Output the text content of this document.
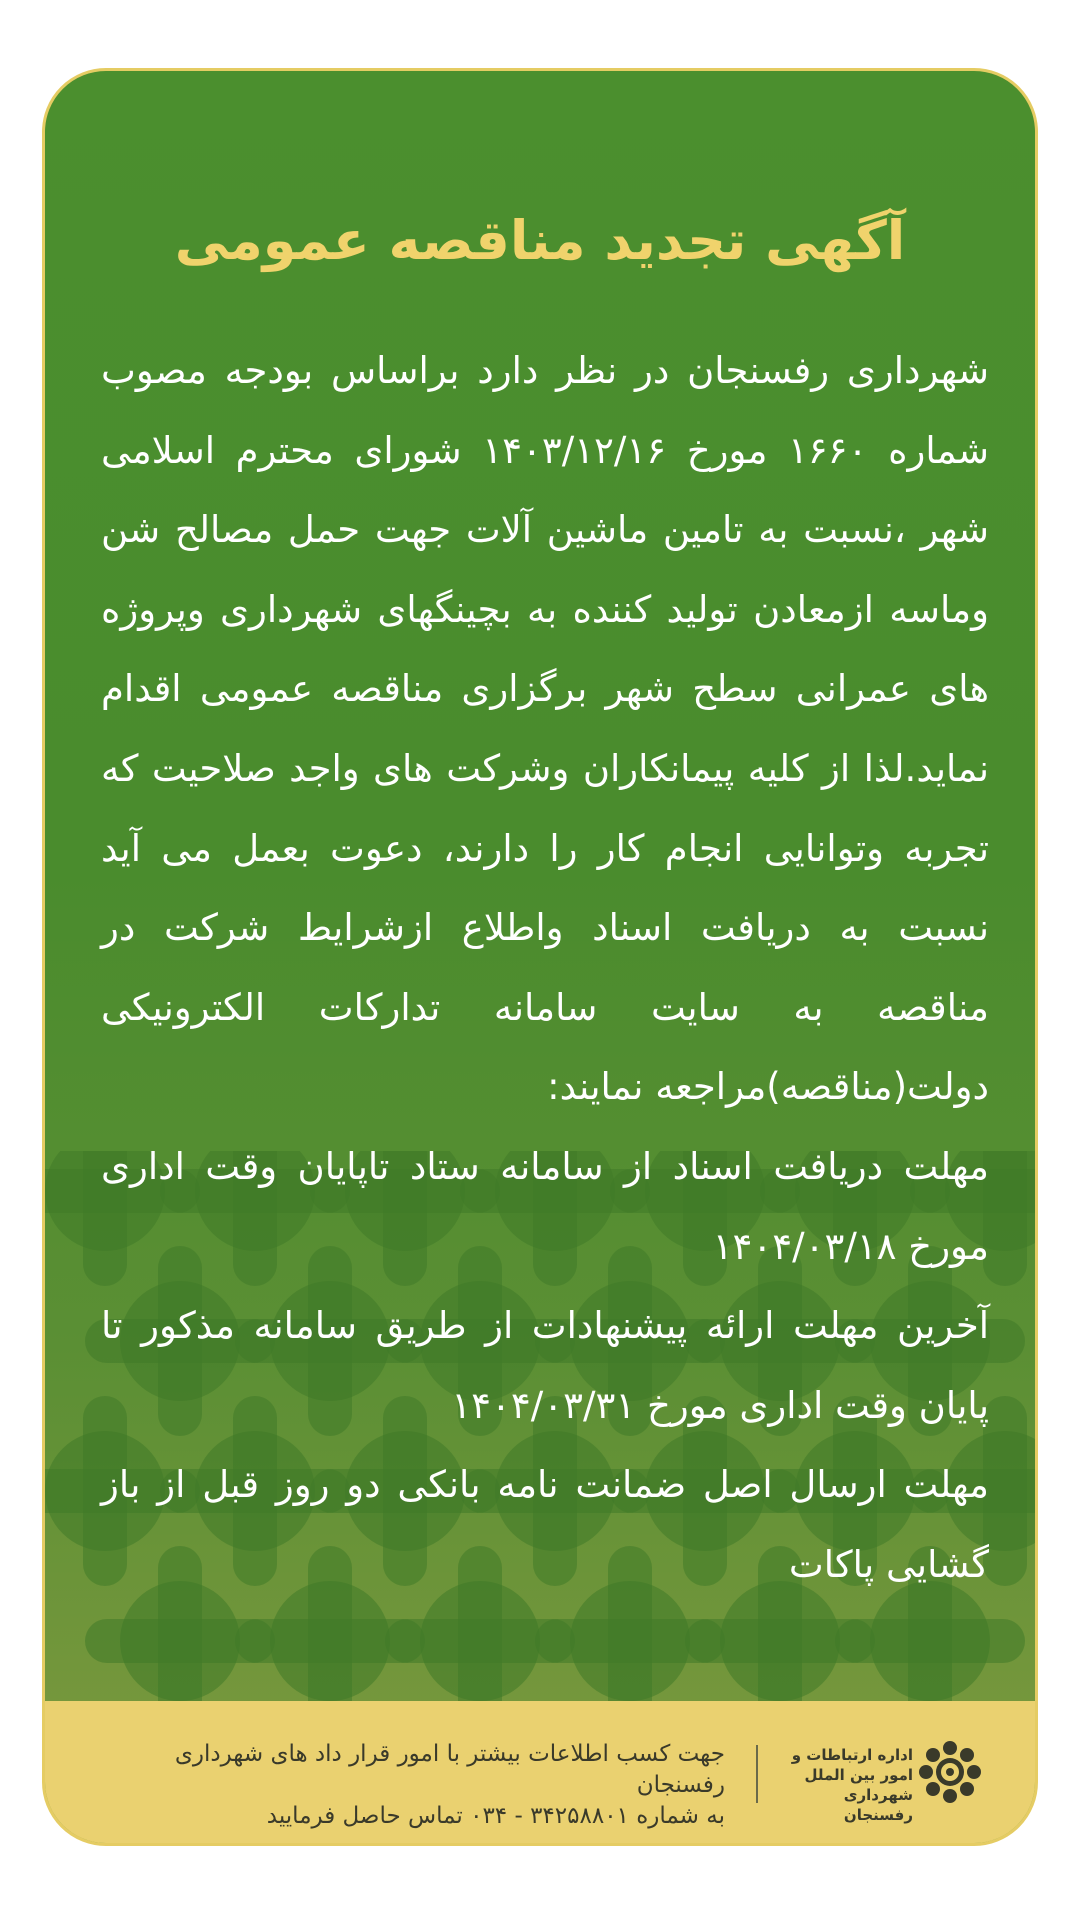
آگهی تجدید مناقصه عمومی

شهرداری رفسنجان در نظر دارد براساس بودجه مصوب شماره ۱۶۶۰ مورخ ۱۴۰۳/۱۲/۱۶ شورای محترم اسلامی شهر ،نسبت به تامین ماشین آلات جهت حمل مصالح شن وماسه ازمعادن تولید کننده به بچینگهای شهرداری وپروژه های عمرانی سطح شهر برگزاری مناقصه عمومی اقدام نماید.لذا از کلیه پیمانکاران وشرکت های واجد صلاحیت که تجربه وتوانایی انجام کار را دارند، دعوت بعمل می آید نسبت به دریافت اسناد واطلاع ازشرایط شرکت در مناقصه به سایت سامانه تدارکات الکترونیکی دولت(مناقصه)مراجعه نمایند:

مهلت دریافت اسناد از سامانه ستاد تاپایان وقت اداری مورخ ۱۴۰۴/۰۳/۱۸

آخرین مهلت ارائه پیشنهادات از طریق سامانه مذکور تا پایان وقت اداری مورخ ۱۴۰۴/۰۳/۳۱

مهلت ارسال اصل ضمانت نامه بانکی دو روز قبل از باز گشایی پاکات

جهت کسب اطلاعات بیشتر با امور قرار داد های شهرداری رفسنجان
به شماره ۳۴۲۵۸۸۰۱ - ۰۳۴ تماس حاصل فرمایید
اداره ارتباطات و
امور بین الملل
شهرداری رفسنجان
